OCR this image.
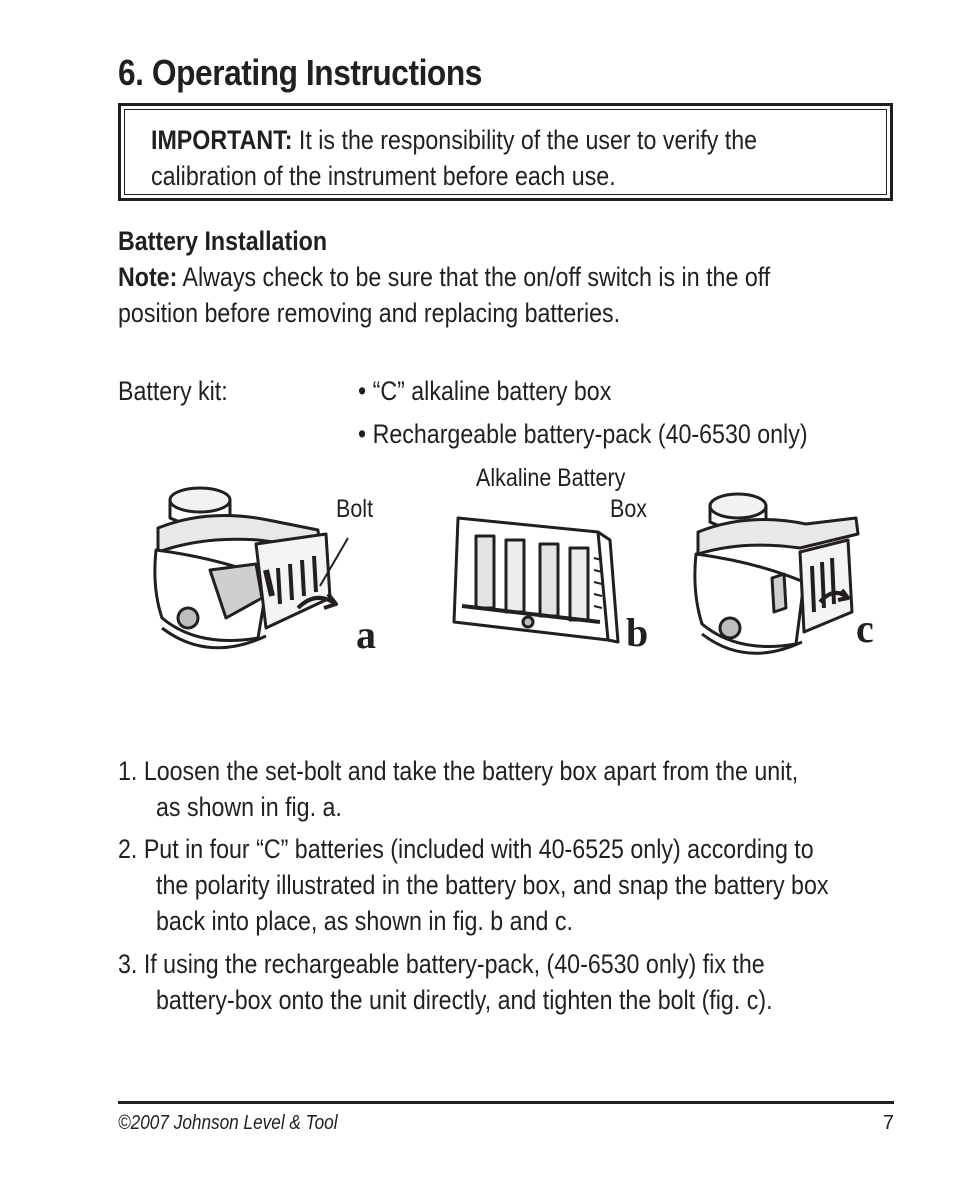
6. Operating Instructions
IMPORTANT: It is the responsibility of the user to verify the
calibration of the instrument before each use.
Battery Installation
Note: Always check to be sure that the on/off switch is in the off
position before removing and replacing batteries.
Battery kit:	• “C” alkaline battery box
• Rechargeable battery-pack (40-6530 only)
Bolt
Alkaline Battery
Box
a	b	c
1. Loosen the set-bolt and take the battery box apart from the unit,
as shown in fig. a.
2. Put in four “C” batteries (included with 40-6525 only) according to
the polarity illustrated in the battery box, and snap the battery box
back into place, as shown in fig. b and c.
3. If using the rechargeable battery-pack, (40-6530 only) fix the
battery-box onto the unit directly, and tighten the bolt (fig. c).
©2007 Johnson Level & Tool	7
